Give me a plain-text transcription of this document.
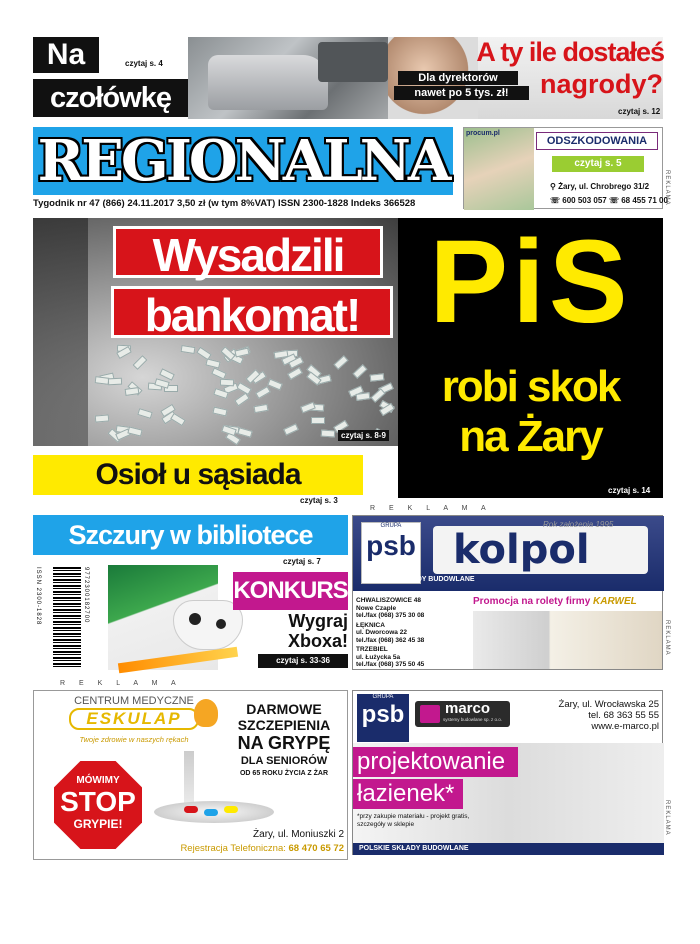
Na	czytaj s. 4
czołówkę
A ty ile dostałeś
Dla dyrektorów
nawet po 5 tys. zł!	nagrody?
czytaj s. 12
REGIONALNA
Tygodnik nr 47 (866) 24.11.2017 3,50 zł (w tym 8%VAT) ISSN 2300-1828 Indeks 366528
procum.pl
ODSZKODOWANIA
czytaj s. 5
⚲ Żary, ul. Chrobrego 31/2
☏ 600 503 057 ☏ 68 455 71 00
REKLAMA
Wysadzili
bankomat!
czytaj s. 8-9
PiS
robi skok
na Żary
czytaj s. 14
Osioł u sąsiada
czytaj s. 3
R E K L A M A
Szczury w bibliotece
czytaj s. 7
ISSN 2300-1828	9772300182700	KONKURS
Wygraj
Xboxa!
czytaj s. 33-36
GRUPA
psb kolpol
Rok założenia 1995
POLSKIE SKŁADY BUDOWLANE
CHWALISZOWICE 48
Nowe Czaple
tel./fax (068) 375 30 08
ŁĘKNICA
ul. Dworcowa 22
tel./fax (068) 362 45 38
TRZEBIEL
ul. Łużycka 5a
tel./fax (068) 375 50 45
Promocja na rolety firmy KARWEL
REKLAMA
R E K L A M A
CENTRUM MEDYCZNE
ESKULAP
Twoje zdrowie w naszych rękach
DARMOWE
SZCZEPIENIA
NA GRYPĘ
DLA SENIORÓW
OD 65 ROKU ŻYCIA Z ŻAR
MÓWIMY
STOP
GRYPIE!
Żary, ul. Moniuszki 2
Rejestracja Telefoniczna: 68 470 65 72
GRUPA
psb	marco
systemy budowlane sp. z o.o.
Żary, ul. Wrocławska 25
tel. 68 363 55 55
www.e-marco.pl
projektowanie
łazienek*
*przy zakupie materiału - projekt gratis, szczegóły w sklepie
POLSKIE SKŁADY BUDOWLANE
REKLAMA
